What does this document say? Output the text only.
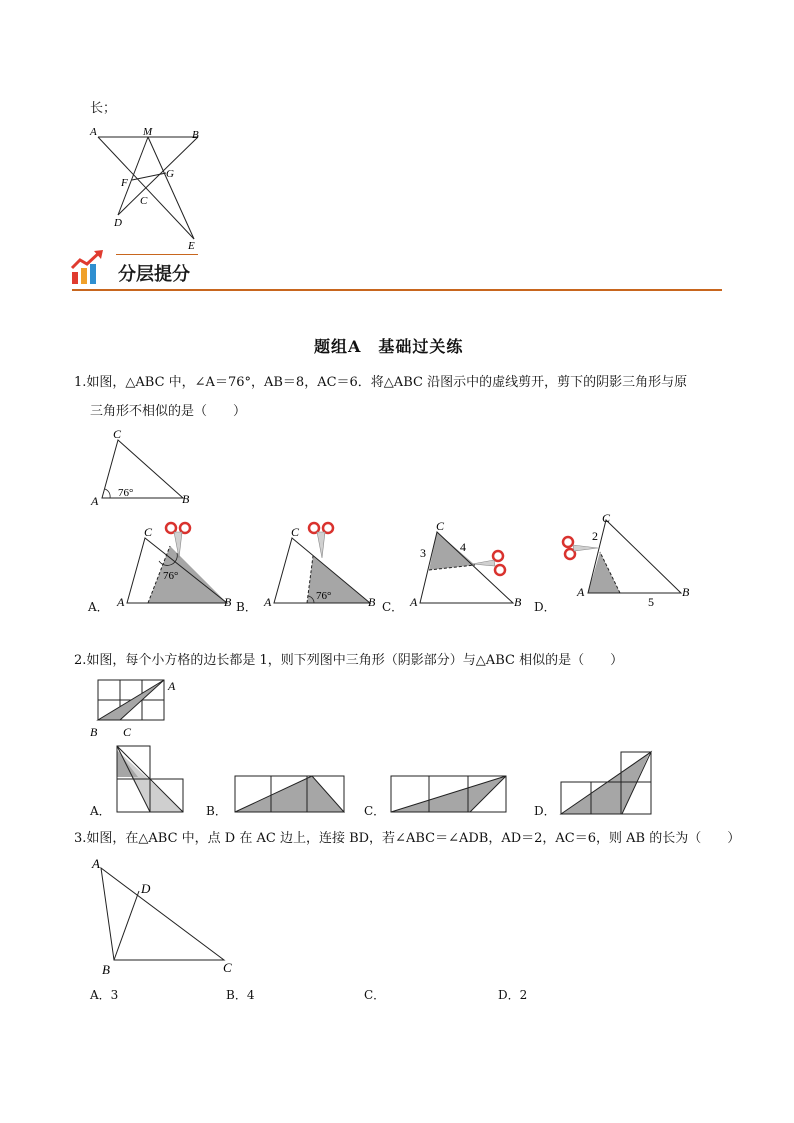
长；
A	M	B
F
G
C
D
E
分层提分
题组A　基础过关练
1.如图，△ABC 中，∠A＝76°，AB＝8，AC＝6．将△ABC 沿图示中的虚线剪开，剪下的阴影三角形与原
三角形不相似的是（　　）
C
A	B
76°
A．
C
A	B
76°
B．
C
A	B
76°
C．
C
A	B
3	4
D．
C
A	B
2
5
2.如图，每个小方格的边长都是 1，则下列图中三角形（阴影部分）与△ABC 相似的是（　　）
A
B C
A．	B．	C．	D．
3.如图，在△ABC 中，点 D 在 AC 边上，连接 BD，若∠ABC＝∠ADB，AD＝2，AC＝6，则 AB 的长为（　　）
A
D
B	C
A．3	B．4	C．	D．2
